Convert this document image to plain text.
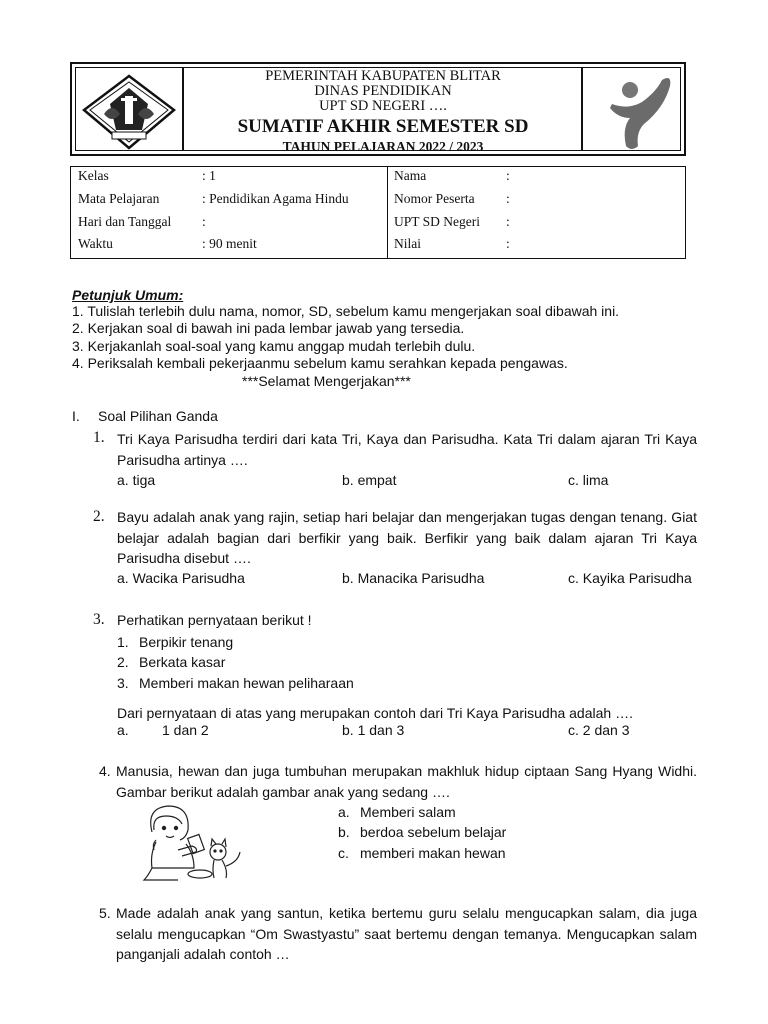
PEMERINTAH KABUPATEN BLITAR
DINAS PENDIDIKAN
UPT SD NEGERI ….
SUMATIF AKHIR SEMESTER SD
TAHUN PELAJARAN 2022 / 2023
Kelas	: 1
Mata Pelajaran	: Pendidikan Agama Hindu
Hari dan Tanggal :
Waktu	: 90 menit
Nama	:
Nomor Peserta :
UPT SD Negeri :
Nilai	:
Petunjuk Umum:
1. Tulislah terlebih dulu nama, nomor, SD, sebelum kamu mengerjakan soal dibawah ini.
2. Kerjakan soal di bawah ini pada lembar jawab yang tersedia.
3. Kerjakanlah soal-soal yang kamu anggap mudah terlebih dulu.
4. Periksalah kembali pekerjaanmu sebelum kamu serahkan kepada pengawas.
***Selamat Mengerjakan***
I. Soal Pilihan Ganda
1. Tri Kaya Parisudha terdiri dari kata Tri, Kaya dan Parisudha. Kata Tri dalam ajaran Tri Kaya Parisudha artinya ….
a. tiga	b. empat	c. lima
2. Bayu adalah anak yang rajin, setiap hari belajar dan mengerjakan tugas dengan tenang. Giat belajar adalah bagian dari berfikir yang baik. Berfikir yang baik dalam ajaran Tri Kaya Parisudha disebut ….
a. Wacika Parisudha	b. Manacika Parisudha	c. Kayika Parisudha
3. Perhatikan pernyataan berikut !
1. Berpikir tenang
2. Berkata kasar
3. Memberi makan hewan peliharaan
Dari pernyataan di atas yang merupakan contoh dari Tri Kaya Parisudha adalah ….
a. 1 dan 2	b. 1 dan 3	c. 2 dan 3
4. Manusia, hewan dan juga tumbuhan merupakan makhluk hidup ciptaan Sang Hyang Widhi. Gambar berikut adalah gambar anak yang sedang ….
a. Memberi salam
b. berdoa sebelum belajar
c. memberi makan hewan
5. Made adalah anak yang santun, ketika bertemu guru selalu mengucapkan salam, dia juga selalu mengucapkan “Om Swastyastu” saat bertemu dengan temanya. Mengucapkan salam panganjali adalah contoh …
